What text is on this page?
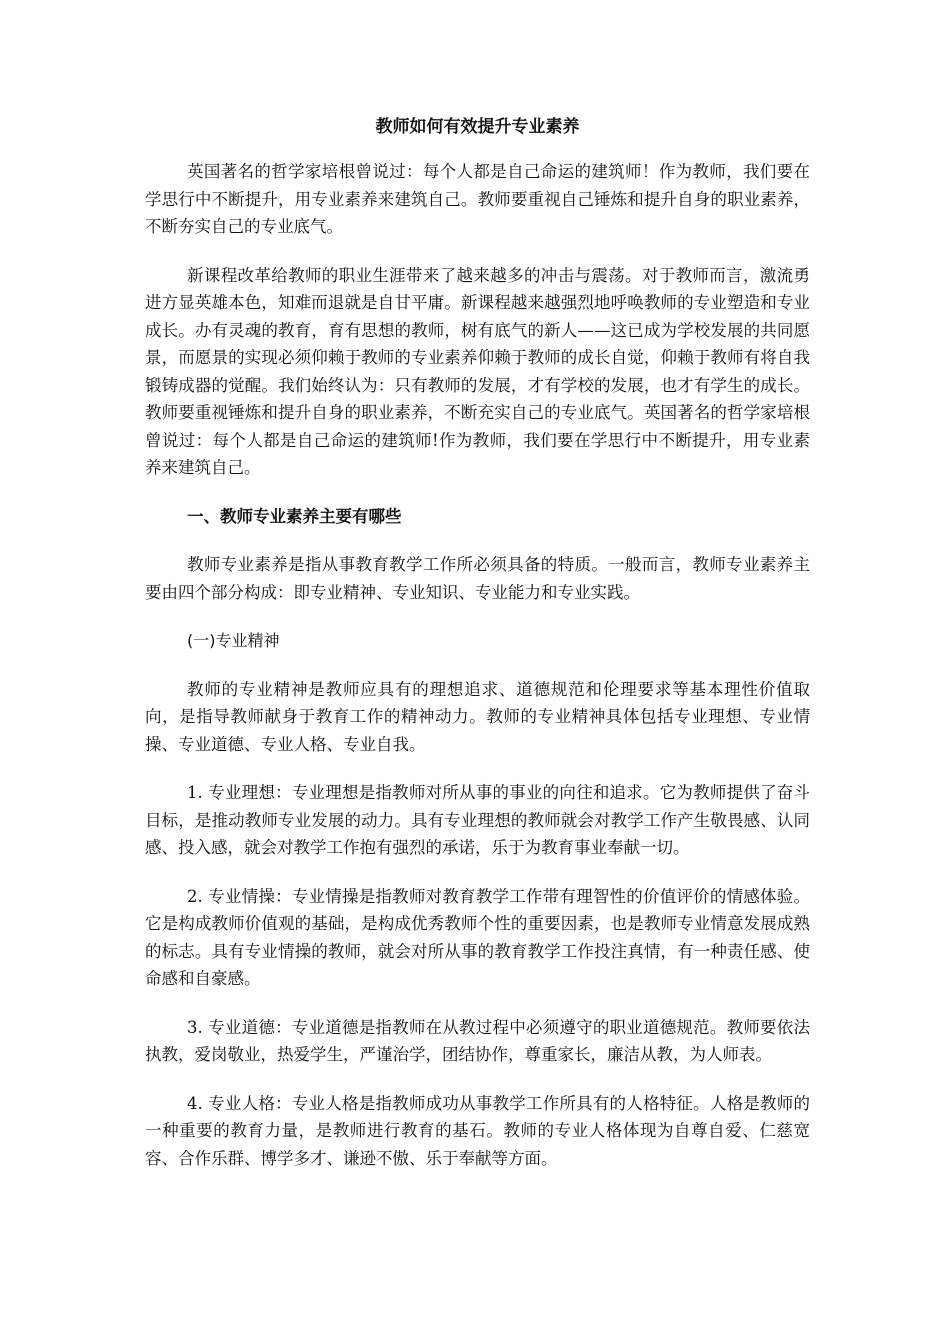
教师如何有效提升专业素养

英国著名的哲学家培根曾说过：每个人都是自己命运的建筑师！作为教师，我们要在学思行中不断提升，用专业素养来建筑自己。教师要重视自己锤炼和提升自身的职业素养，不断夯实自己的专业底气。

新课程改革给教师的职业生涯带来了越来越多的冲击与震荡。对于教师而言，激流勇进方显英雄本色，知难而退就是自甘平庸。新课程越来越强烈地呼唤教师的专业塑造和专业成长。办有灵魂的教育，育有思想的教师，树有底气的新人——这已成为学校发展的共同愿景，而愿景的实现必须仰赖于教师的专业素养仰赖于教师的成长自觉，仰赖于教师有将自我锻铸成器的觉醒。我们始终认为：只有教师的发展，才有学校的发展，也才有学生的成长。教师要重视锤炼和提升自身的职业素养，不断充实自己的专业底气。英国著名的哲学家培根曾说过：每个人都是自己命运的建筑师!作为教师，我们要在学思行中不断提升，用专业素养来建筑自己。

一、教师专业素养主要有哪些

教师专业素养是指从事教育教学工作所必须具备的特质。一般而言，教师专业素养主要由四个部分构成：即专业精神、专业知识、专业能力和专业实践。

(一)专业精神

教师的专业精神是教师应具有的理想追求、道德规范和伦理要求等基本理性价值取向，是指导教师献身于教育工作的精神动力。教师的专业精神具体包括专业理想、专业情操、专业道德、专业人格、专业自我。

1. 专业理想：专业理想是指教师对所从事的事业的向往和追求。它为教师提供了奋斗目标，是推动教师专业发展的动力。具有专业理想的教师就会对教学工作产生敬畏感、认同感、投入感，就会对教学工作抱有强烈的承诺，乐于为教育事业奉献一切。

2. 专业情操：专业情操是指教师对教育教学工作带有理智性的价值评价的情感体验。它是构成教师价值观的基础，是构成优秀教师个性的重要因素，也是教师专业情意发展成熟的标志。具有专业情操的教师，就会对所从事的教育教学工作投注真情，有一种责任感、使命感和自豪感。

3. 专业道德：专业道德是指教师在从教过程中必须遵守的职业道德规范。教师要依法执教，爱岗敬业，热爱学生，严谨治学，团结协作，尊重家长，廉洁从教，为人师表。

4. 专业人格：专业人格是指教师成功从事教学工作所具有的人格特征。人格是教师的一种重要的教育力量，是教师进行教育的基石。教师的专业人格体现为自尊自爱、仁慈宽容、合作乐群、博学多才、谦逊不傲、乐于奉献等方面。
